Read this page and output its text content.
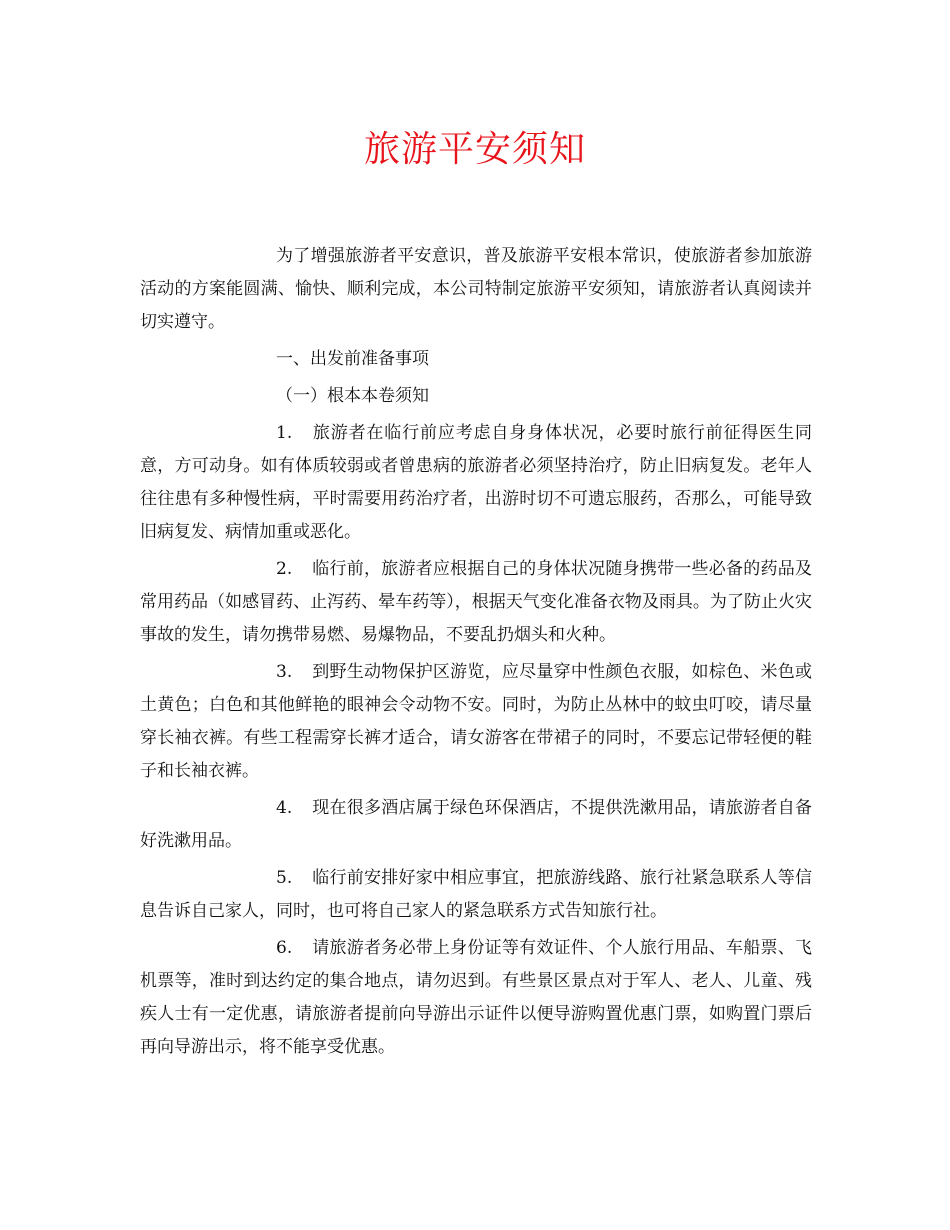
旅游平安须知

为了增强旅游者平安意识，普及旅游平安根本常识，使旅游者参加旅游活动的方案能圆满、愉快、顺利完成，本公司特制定旅游平安须知，请旅游者认真阅读并切实遵守。

一、出发前准备事项

（一）根本本卷须知

1. 旅游者在临行前应考虑自身身体状况，必要时旅行前征得医生同意，方可动身。如有体质较弱或者曾患病的旅游者必须坚持治疗，防止旧病复发。老年人往往患有多种慢性病，平时需要用药治疗者，出游时切不可遗忘服药，否那么，可能导致旧病复发、病情加重或恶化。

2. 临行前，旅游者应根据自己的身体状况随身携带一些必备的药品及常用药品（如感冒药、止泻药、晕车药等），根据天气变化准备衣物及雨具。为了防止火灾事故的发生，请勿携带易燃、易爆物品，不要乱扔烟头和火种。

3. 到野生动物保护区游览，应尽量穿中性颜色衣服，如棕色、米色或土黄色；白色和其他鲜艳的眼神会令动物不安。同时，为防止丛林中的蚊虫叮咬，请尽量穿长袖衣裤。有些工程需穿长裤才适合，请女游客在带裙子的同时，不要忘记带轻便的鞋子和长袖衣裤。

4. 现在很多酒店属于绿色环保酒店，不提供洗漱用品，请旅游者自备好洗漱用品。

5. 临行前安排好家中相应事宜，把旅游线路、旅行社紧急联系人等信息告诉自己家人，同时，也可将自己家人的紧急联系方式告知旅行社。

6. 请旅游者务必带上身份证等有效证件、个人旅行用品、车船票、飞机票等，准时到达约定的集合地点，请勿迟到。有些景区景点对于军人、老人、儿童、残疾人士有一定优惠，请旅游者提前向导游出示证件以便导游购置优惠门票，如购置门票后再向导游出示，将不能享受优惠。
